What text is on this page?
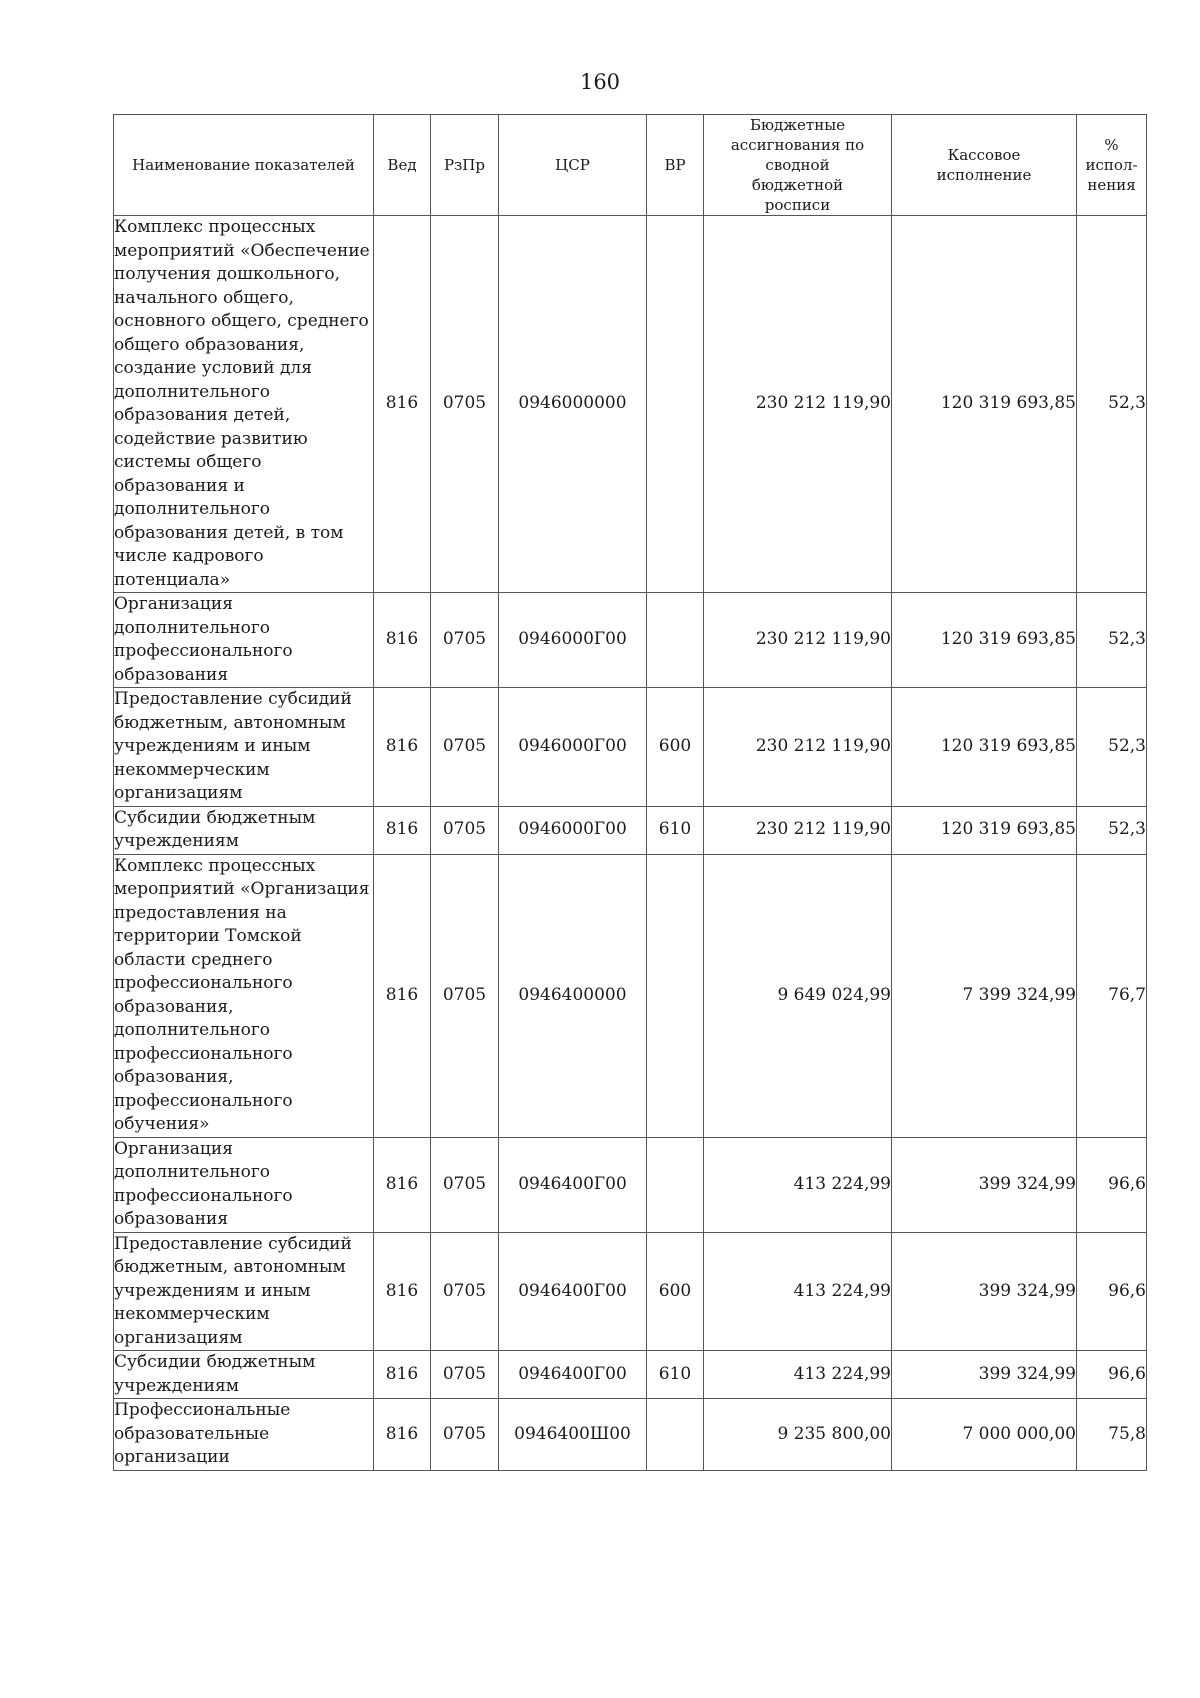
160
Наименование показателей	Вед	РзПр	ЦСР	ВР	Бюджетные ассигнования по сводной бюджетной росписи	Кассовое исполнение	% испол-нения
Комплекс процессных мероприятий «Обеспечение получения дошкольного, начального общего, основного общего, среднего общего образования, создание условий для дополнительного образования детей, содействие развитию системы общего образования и дополнительного образования детей, в том числе кадрового потенциала»	816	0705	0946000000		230 212 119,90	120 319 693,85	52,3
Организация дополнительного профессионального образования	816	0705	0946000Г00		230 212 119,90	120 319 693,85	52,3
Предоставление субсидий бюджетным, автономным учреждениям и иным некоммерческим организациям	816	0705	0946000Г00	600	230 212 119,90	120 319 693,85	52,3
Субсидии бюджетным учреждениям	816	0705	0946000Г00	610	230 212 119,90	120 319 693,85	52,3
Комплекс процессных мероприятий «Организация предоставления на территории Томской области среднего профессионального образования, дополнительного профессионального образования, профессионального обучения»	816	0705	0946400000		9 649 024,99	7 399 324,99	76,7
Организация дополнительного профессионального образования	816	0705	0946400Г00		413 224,99	399 324,99	96,6
Предоставление субсидий бюджетным, автономным учреждениям и иным некоммерческим организациям	816	0705	0946400Г00	600	413 224,99	399 324,99	96,6
Субсидии бюджетным учреждениям	816	0705	0946400Г00	610	413 224,99	399 324,99	96,6
Профессиональные образовательные организации	816	0705	0946400Ш00		9 235 800,00	7 000 000,00	75,8
